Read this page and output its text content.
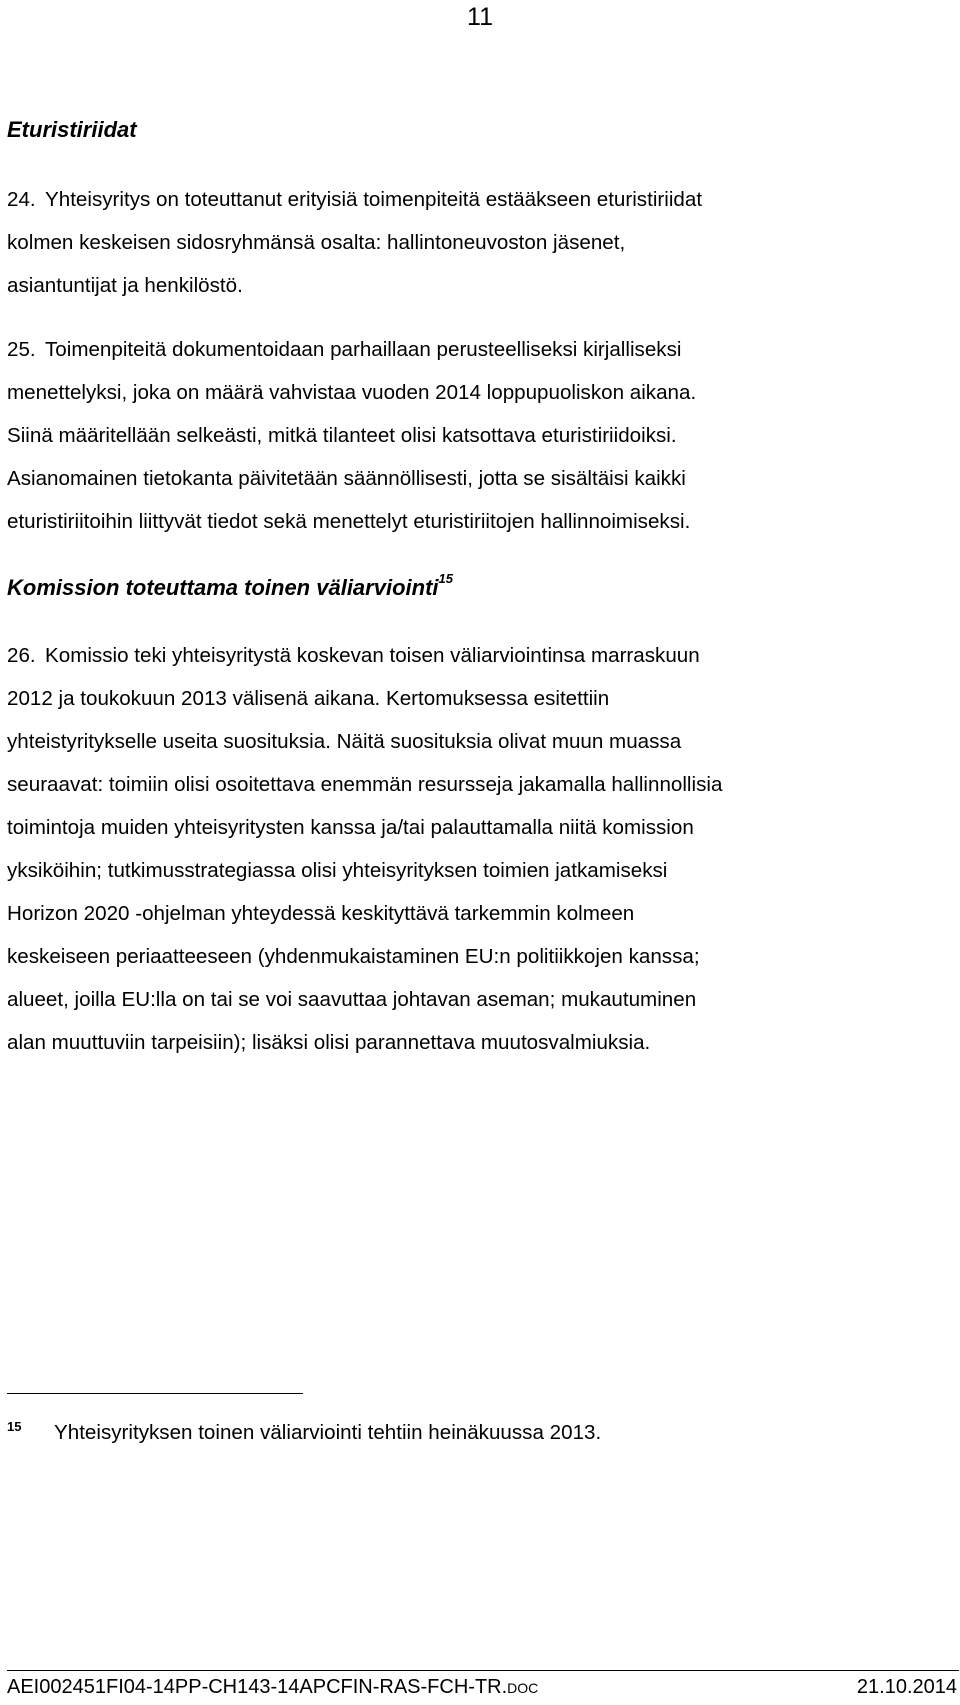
11
Eturistiriidat
24. Yhteisyritys on toteuttanut erityisiä toimenpiteitä estääkseen eturistiriidat
kolmen keskeisen sidosryhmänsä osalta: hallintoneuvoston jäsenet,
asiantuntijat ja henkilöstö.
25. Toimenpiteitä dokumentoidaan parhaillaan perusteelliseksi kirjalliseksi
menettelyksi, joka on määrä vahvistaa vuoden 2014 loppupuoliskon aikana.
Siinä määritellään selkeästi, mitkä tilanteet olisi katsottava eturistiriidoiksi.
Asianomainen tietokanta päivitetään säännöllisesti, jotta se sisältäisi kaikki
eturistiriitoihin liittyvät tiedot sekä menettelyt eturistiriitojen hallinnoimiseksi.
Komission toteuttama toinen väliarviointi$^{15}$
26. Komissio teki yhteisyritystä koskevan toisen väliarviointinsa marraskuun
2012 ja toukokuun 2013 välisenä aikana. Kertomuksessa esitettiin
yhteistyritykselle useita suosituksia. Näitä suosituksia olivat muun muassa
seuraavat: toimiin olisi osoitettava enemmän resursseja jakamalla hallinnollisia
toimintoja muiden yhteisyritysten kanssa ja/tai palauttamalla niitä komission
yksiköihin; tutkimusstrategiassa olisi yhteisyrityksen toimien jatkamiseksi
Horizon 2020 -ohjelman yhteydessä keskityttävä tarkemmin kolmeen
keskeiseen periaatteeseen (yhdenmukaistaminen EU:n politiikkojen kanssa;
alueet, joilla EU:lla on tai se voi saavuttaa johtavan aseman; mukautuminen
alan muuttuviin tarpeisiin); lisäksi olisi parannettava muutosvalmiuksia.
15 Yhteisyrityksen toinen väliarviointi tehtiin heinäkuussa 2013.
AEI002451FI04-14PP-CH143-14APCFIN-RAS-FCH-TR.DOC	21.10.2014
